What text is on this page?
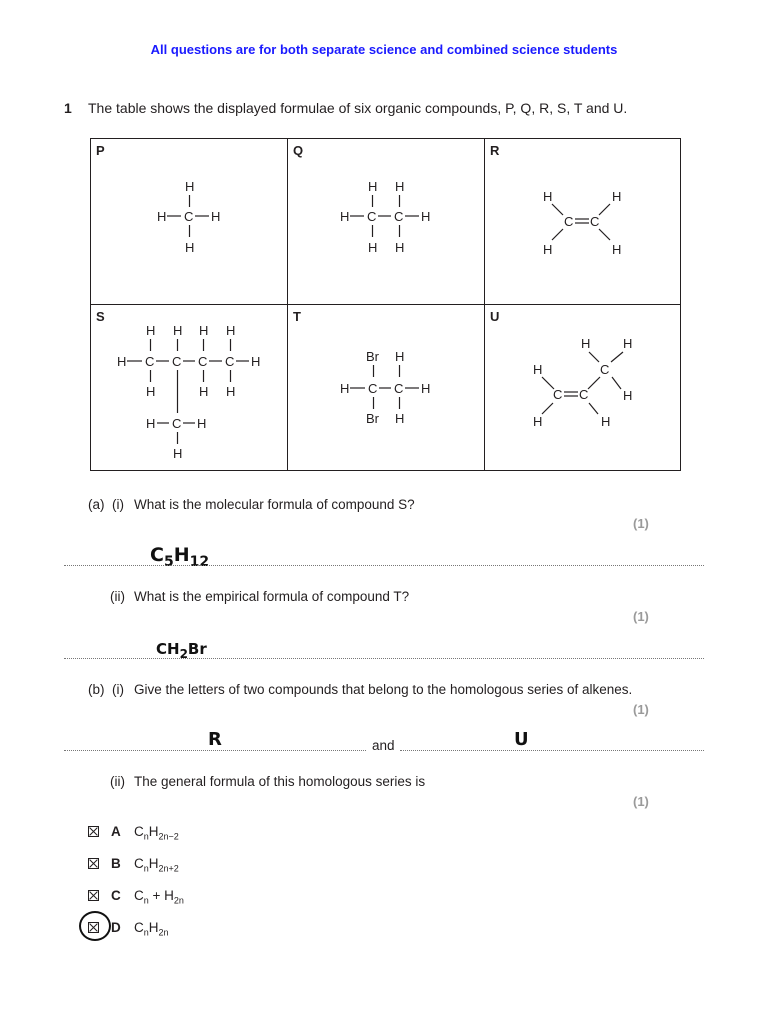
All questions are for both separate science and combined science students
1 The table shows the displayed formulae of six organic compounds, P, Q, R, S, T and U.
P
H
H C H
H
Q
H H
H C C H
H H
R
H	H
C C
H	H
S
H H H H
H C C C C H
H	H H
H C H
H
T
Br H
H C C H
Br H
U
H	H
C
H
C C	H
H	H
(a) (i) What is the molecular formula of compound S?
(1)
$C_5H_{12}$
(ii) What is the empirical formula of compound T?
(1)
$CH_2Br$
(b) (i) Give the letters of two compounds that belong to the homologous series of alkenes.
(1)
R	and	U
(ii) The general formula of this homologous series is
(1)
A $C_nH_{2n-2}$
B $C_nH_{2n+2}$
C $C_n + H_{2n}$
D $C_nH_{2n}$
